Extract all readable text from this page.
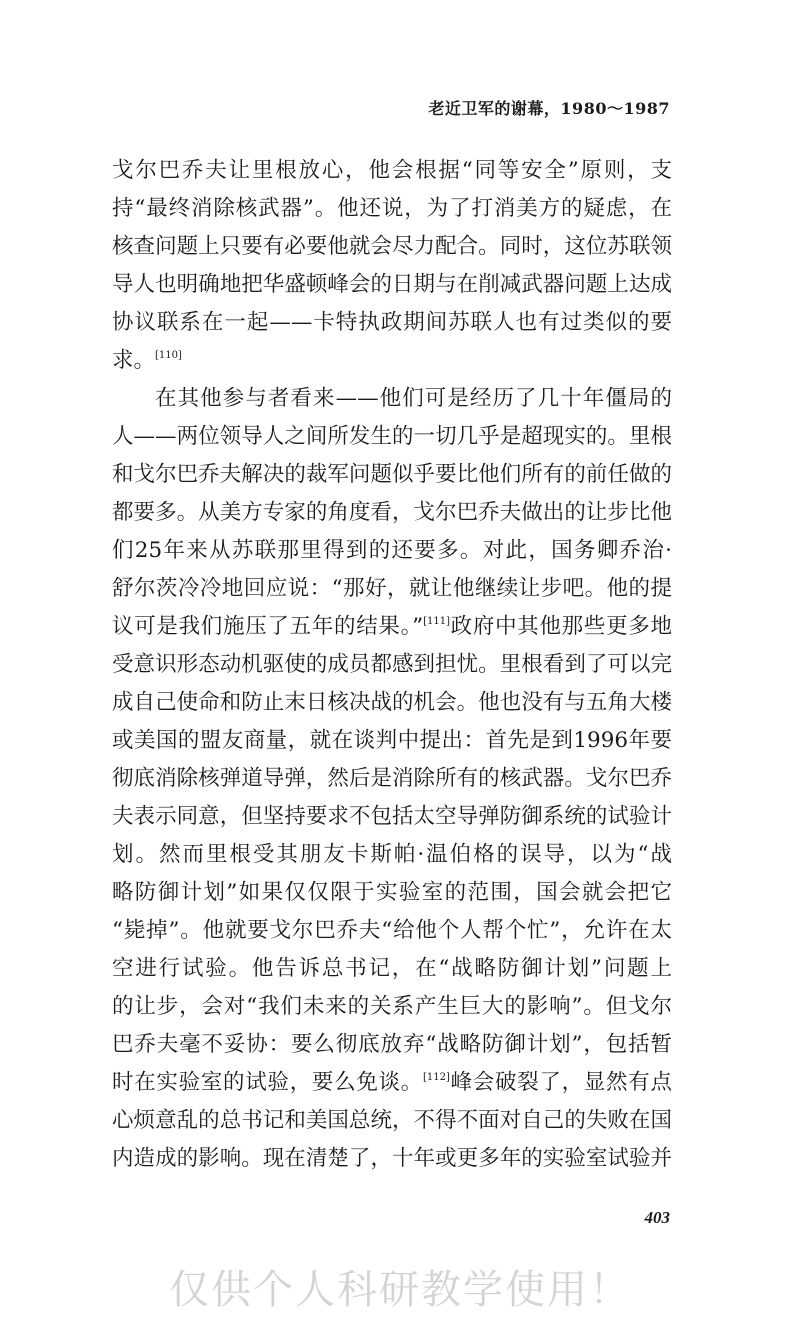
老近卫军的谢幕，1980～1987
戈尔巴乔夫让里根放心，他会根据“同等安全”原则，支
持“最终消除核武器”。他还说，为了打消美方的疑虑，在
核查问题上只要有必要他就会尽力配合。同时，这位苏联领
导人也明确地把华盛顿峰会的日期与在削减武器问题上达成
协议联系在一起——卡特执政期间苏联人也有过类似的要
求。[110]
在其他参与者看来——他们可是经历了几十年僵局的
人——两位领导人之间所发生的一切几乎是超现实的。里根
和戈尔巴乔夫解决的裁军问题似乎要比他们所有的前任做的
都要多。从美方专家的角度看，戈尔巴乔夫做出的让步比他
们25年来从苏联那里得到的还要多。对此，国务卿乔治·
舒尔茨冷冷地回应说：“那好，就让他继续让步吧。他的提
议可是我们施压了五年的结果。”[111]政府中其他那些更多地
受意识形态动机驱使的成员都感到担忧。里根看到了可以完
成自己使命和防止末日核决战的机会。他也没有与五角大楼
或美国的盟友商量，就在谈判中提出：首先是到1996年要
彻底消除核弹道导弹，然后是消除所有的核武器。戈尔巴乔
夫表示同意，但坚持要求不包括太空导弹防御系统的试验计
划。然而里根受其朋友卡斯帕·温伯格的误导，以为“战
略防御计划”如果仅仅限于实验室的范围，国会就会把它
“毙掉”。他就要戈尔巴乔夫“给他个人帮个忙”，允许在太
空进行试验。他告诉总书记，在“战略防御计划”问题上
的让步，会对“我们未来的关系产生巨大的影响”。但戈尔
巴乔夫毫不妥协：要么彻底放弃“战略防御计划”，包括暂
时在实验室的试验，要么免谈。[112]峰会破裂了，显然有点
心烦意乱的总书记和美国总统，不得不面对自己的失败在国
内造成的影响。现在清楚了，十年或更多年的实验室试验并
403
仅供个人科研教学使用！
